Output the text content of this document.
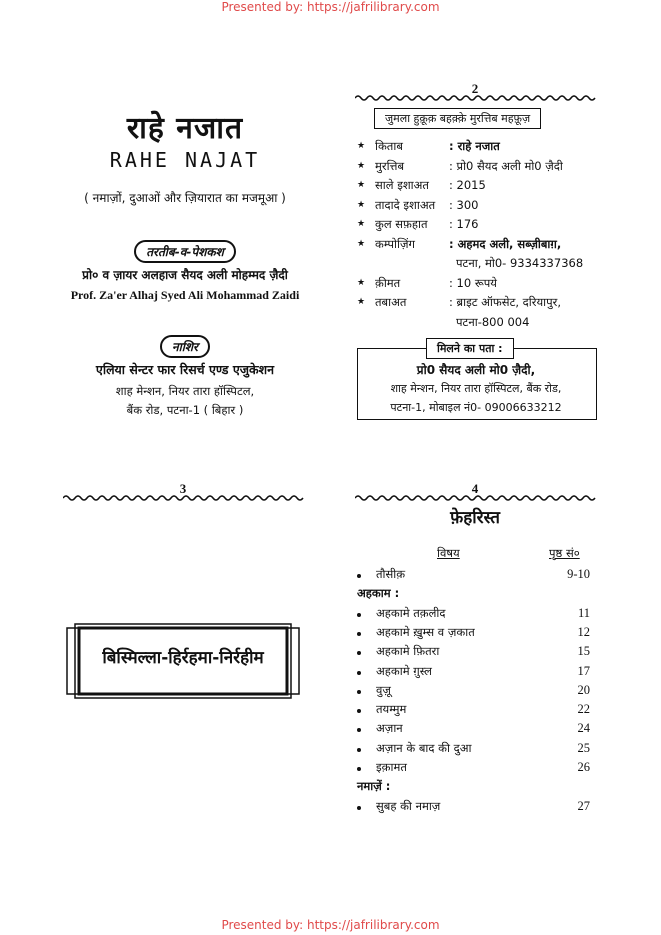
Presented by: https://jafrilibrary.com
Presented by: https://jafrilibrary.com
राहे नजात
RAHE NAJAT
( नमाज़ों, दुआओं और ज़ियारात का मजमूआ )
तरतीब-व-पेशकश
प्रो० व ज़ायर अलहाज सैयद अली मोहम्मद ज़ैदी
Prof. Za'er Alhaj Syed Ali Mohammad Zaidi
नाशिर
एलिया सेन्टर फार रिसर्च एण्ड एजुकेशन
शाह मेन्शन, नियर तारा हॉस्पिटल,
बैंक रोड, पटना-1 ( बिहार )
2
जुमला हुक़ूक़ बहक़्क़े मुरत्तिब महफ़ूज़
★ किताब	: राहे नजात
★ मुरत्तिब	: प्रो0 सैयद अली मो0 ज़ैदी
★ साले इशाअत : 2015
★ तादादे इशाअत : 300
★ कुल सफ़हात : 176
★ कम्पोज़िंग	: अहमद अली, सब्ज़ीबाग़,
पटना, मो0- 9334337368
★ क़ीमत	: 10 रूपये
★ तबाअत	: ब्राइट ऑफसेट, दरियापुर,
पटना-800 004
मिलने का पता :
प्रो0 सैयद अली मो0 ज़ैदी,
शाह मेन्शन, नियर तारा हॉस्पिटल, बैंक रोड,
पटना-1, मोबाइल नं0- 09006633212
3
बिस्मिल्ला-हिर्रहमा-निर्रहीम
4
फ़ेहरिस्त
विषय	पृष्ठ सं०
तौसीक़	9-10
अहकाम :
अहकामे तक़लीद	11
अहकामे ख़ुम्स व ज़कात	12
अहकामे फ़ितरा	15
अहकामे ग़ुस्ल	17
वुज़ू	20
तयम्मुम	22
अज़ान	24
अज़ान के बाद की दुआ	25
इक़ामत	26
नमाज़ें :
सुबह की नमाज़	27
